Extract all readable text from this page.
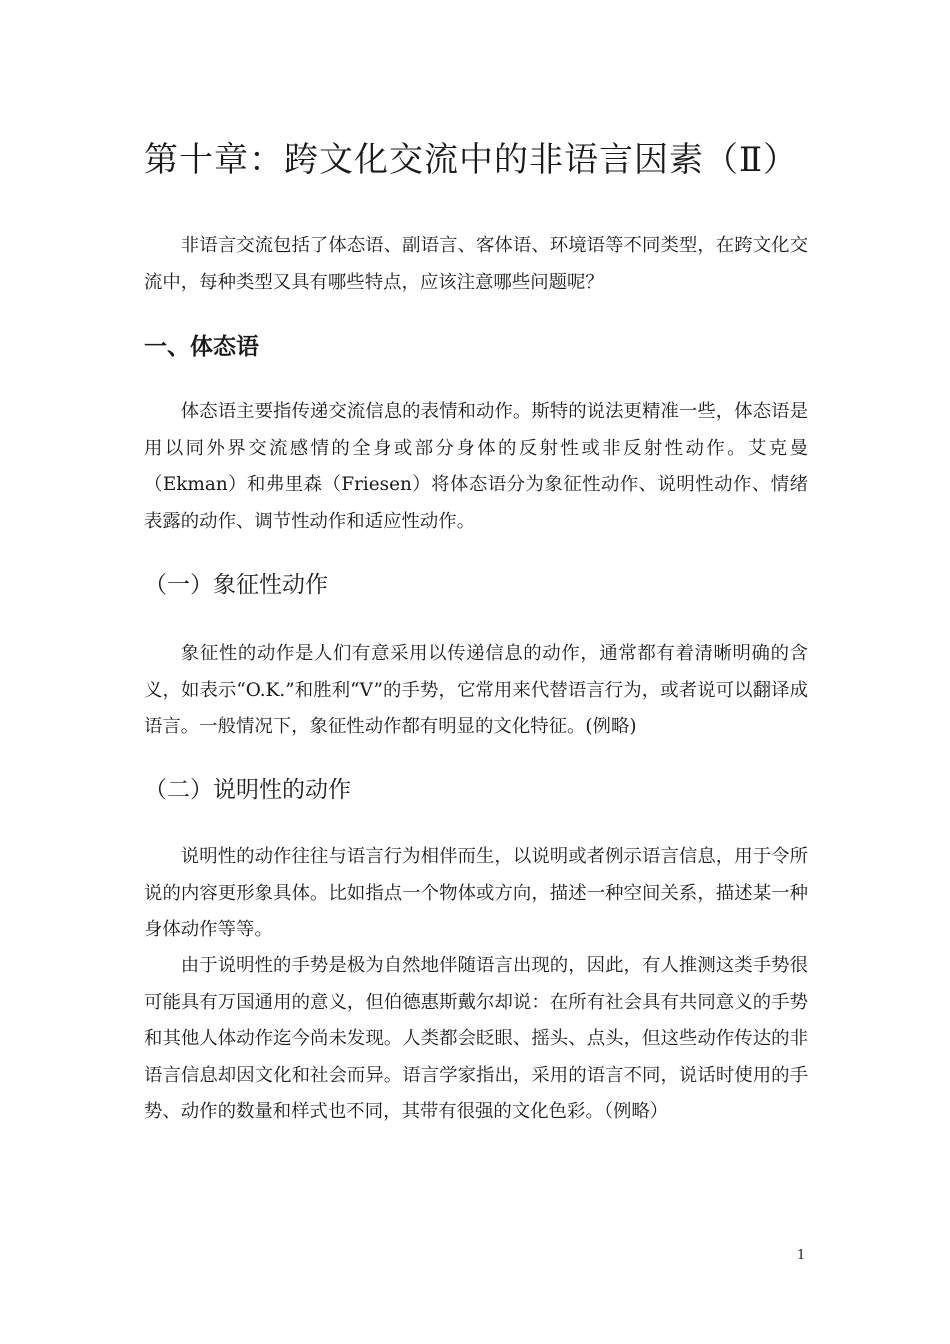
第十章：跨文化交流中的非语言因素（Ⅱ）

非语言交流包括了体态语、副语言、客体语、环境语等不同类型，在跨文化交流中，每种类型又具有哪些特点，应该注意哪些问题呢？

一、体态语

体态语主要指传递交流信息的表情和动作。斯特的说法更精准一些，体态语是用以同外界交流感情的全身或部分身体的反射性或非反射性动作。艾克曼（Ekman）和弗里森（Friesen）将体态语分为象征性动作、说明性动作、情绪表露的动作、调节性动作和适应性动作。

（一）象征性动作

象征性的动作是人们有意采用以传递信息的动作，通常都有着清晰明确的含义，如表示“O.K.”和胜利“V”的手势，它常用来代替语言行为，或者说可以翻译成语言。一般情况下，象征性动作都有明显的文化特征。(例略)

（二）说明性的动作

说明性的动作往往与语言行为相伴而生，以说明或者例示语言信息，用于令所说的内容更形象具体。比如指点一个物体或方向，描述一种空间关系，描述某一种身体动作等等。

由于说明性的手势是极为自然地伴随语言出现的，因此，有人推测这类手势很可能具有万国通用的意义，但伯德惠斯戴尔却说：在所有社会具有共同意义的手势和其他人体动作迄今尚未发现。人类都会眨眼、摇头、点头，但这些动作传达的非语言信息却因文化和社会而异。语言学家指出，采用的语言不同，说话时使用的手势、动作的数量和样式也不同，其带有很强的文化色彩。（例略）

1
